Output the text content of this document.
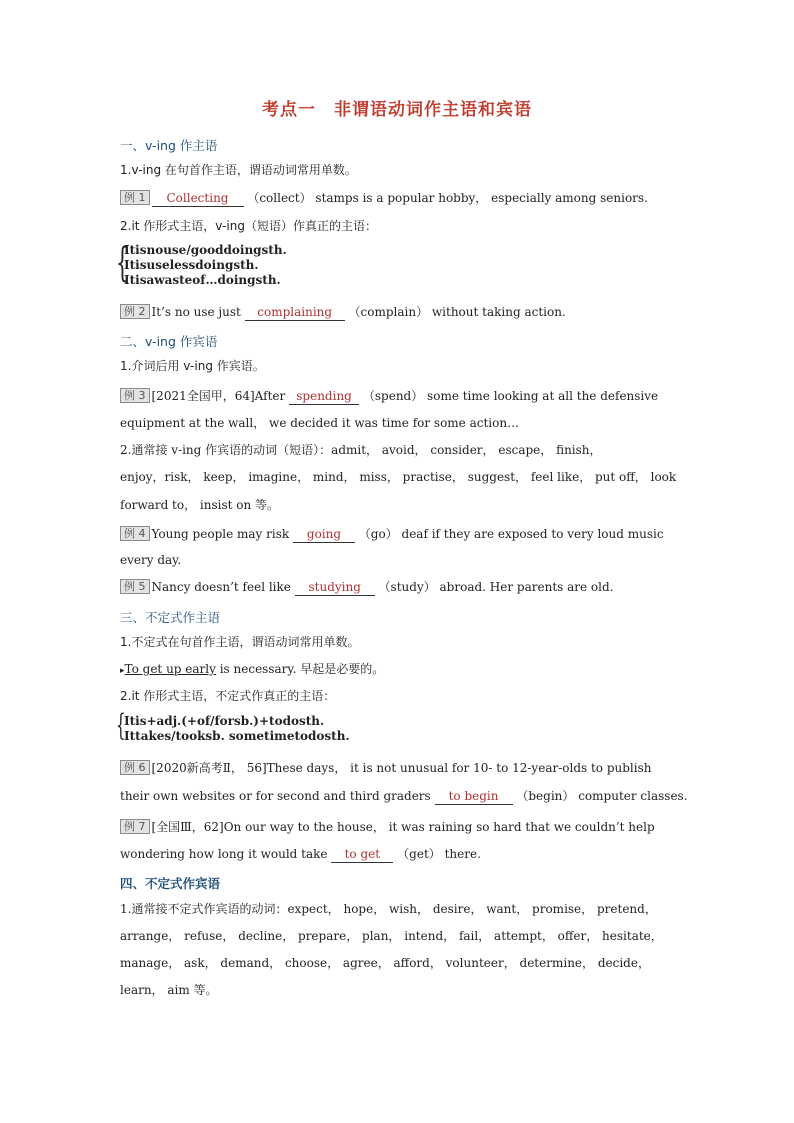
考点一　非谓语动词作主语和宾语
一、v-ing 作主语
1.v-ing 在句首作主语，谓语动词常用单数。
例 1 Collecting （collect） stamps is a popular hobby， especially among seniors.
2.it 作形式主语，v-ing（短语）作真正的主语：
{
Itisnouse/gooddoingsth.
Itisuselessdoingsth.
Itisawasteof…doingsth.
例 2 It’s no use just complaining （complain） without taking action.
二、v-ing 作宾语
1.介词后用 v-ing 作宾语。
例 3 [2021全国甲，64]After spending （spend） some time looking at all the defensive
equipment at the wall， we decided it was time for some action…
2.通常接 v-ing 作宾语的动词（短语）：admit， avoid， consider， escape， finish，
enjoy，risk， keep， imagine， mind， miss， practise， suggest， feel like， put off， look
forward to， insist on 等。
例 4 Young people may risk going （go） deaf if they are exposed to very loud music
every day.
例 5 Nancy doesn’t feel like studying （study） abroad. Her parents are old.
三、不定式作主语
1.不定式在句首作主语，谓语动词常用单数。
▸To get up early is necessary. 早起是必要的。
2.it 作形式主语，不定式作真正的主语：
{
Itis+adj.(+of/forsb.)+todosth.
Ittakes/tooksb. sometimetodosth.
例 6 [2020新高考Ⅱ， 56]These days， it is not unusual for 10- to 12-year-olds to publish
their own websites or for second and third graders to begin （begin） computer classes.
例 7 [全国Ⅲ，62]On our way to the house， it was raining so hard that we couldn’t help
wondering how long it would take to get （get） there.
四、不定式作宾语
1.通常接不定式作宾语的动词：expect， hope， wish， desire， want， promise， pretend，
arrange， refuse， decline， prepare， plan， intend， fail， attempt， offer， hesitate，
manage， ask， demand， choose， agree， afford， volunteer， determine， decide，
learn， aim 等。
